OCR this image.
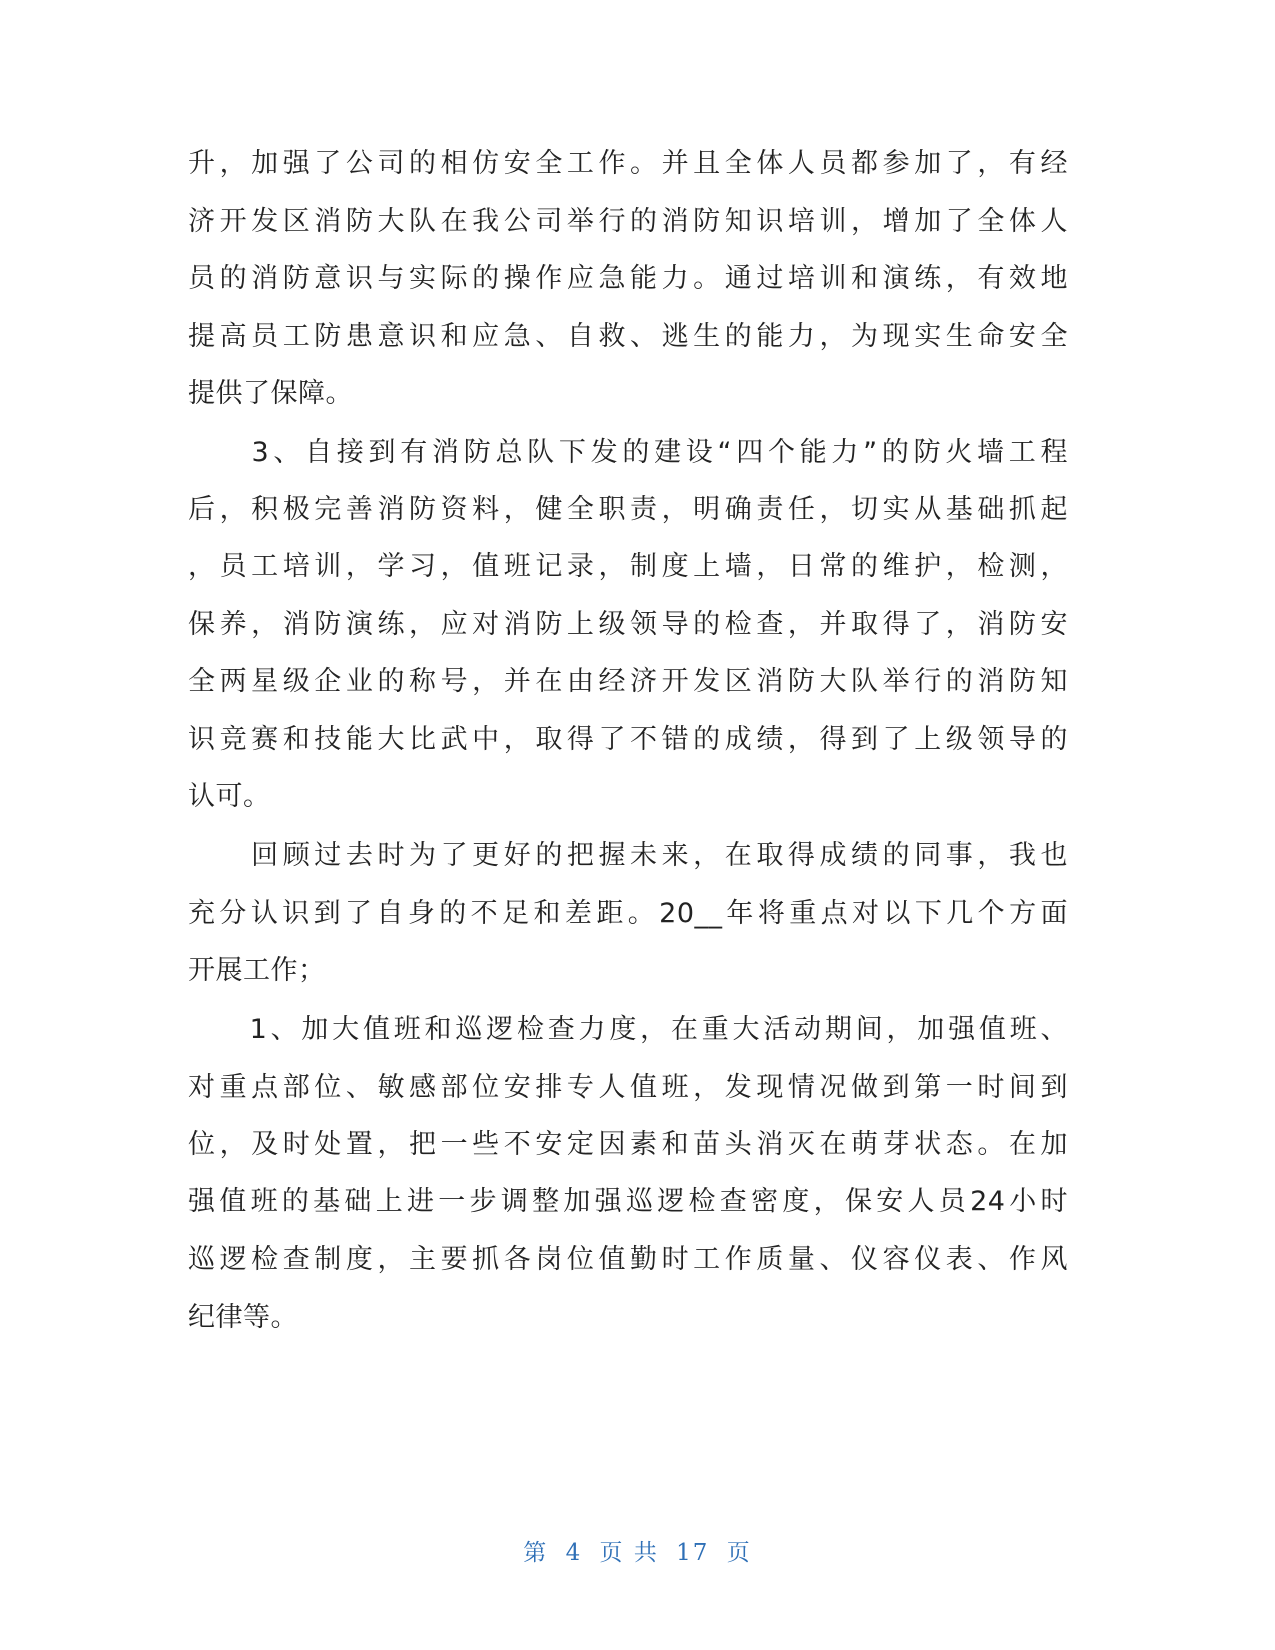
升，加强了公司的相仿安全工作。并且全体人员都参加了，有经
济开发区消防大队在我公司举行的消防知识培训，增加了全体人
员的消防意识与实际的操作应急能力。通过培训和演练，有效地
提高员工防患意识和应急、自救、逃生的能力，为现实生命安全
提供了保障。
　　3、自接到有消防总队下发的建设“四个能力”的防火墙工程
后，积极完善消防资料，健全职责，明确责任，切实从基础抓起
，员工培训，学习，值班记录，制度上墙，日常的维护，检测，
保养，消防演练，应对消防上级领导的检查，并取得了，消防安
全两星级企业的称号，并在由经济开发区消防大队举行的消防知
识竞赛和技能大比武中，取得了不错的成绩，得到了上级领导的
认可。
　　回顾过去时为了更好的把握未来，在取得成绩的同事，我也
充分认识到了自身的不足和差距。20__年将重点对以下几个方面
开展工作；
　　1、加大值班和巡逻检查力度，在重大活动期间，加强值班、
对重点部位、敏感部位安排专人值班，发现情况做到第一时间到
位，及时处置，把一些不安定因素和苗头消灭在萌芽状态。在加
强值班的基础上进一步调整加强巡逻检查密度，保安人员24小时
巡逻检查制度，主要抓各岗位值勤时工作质量、仪容仪表、作风
纪律等。
第 4 页 共 17 页
